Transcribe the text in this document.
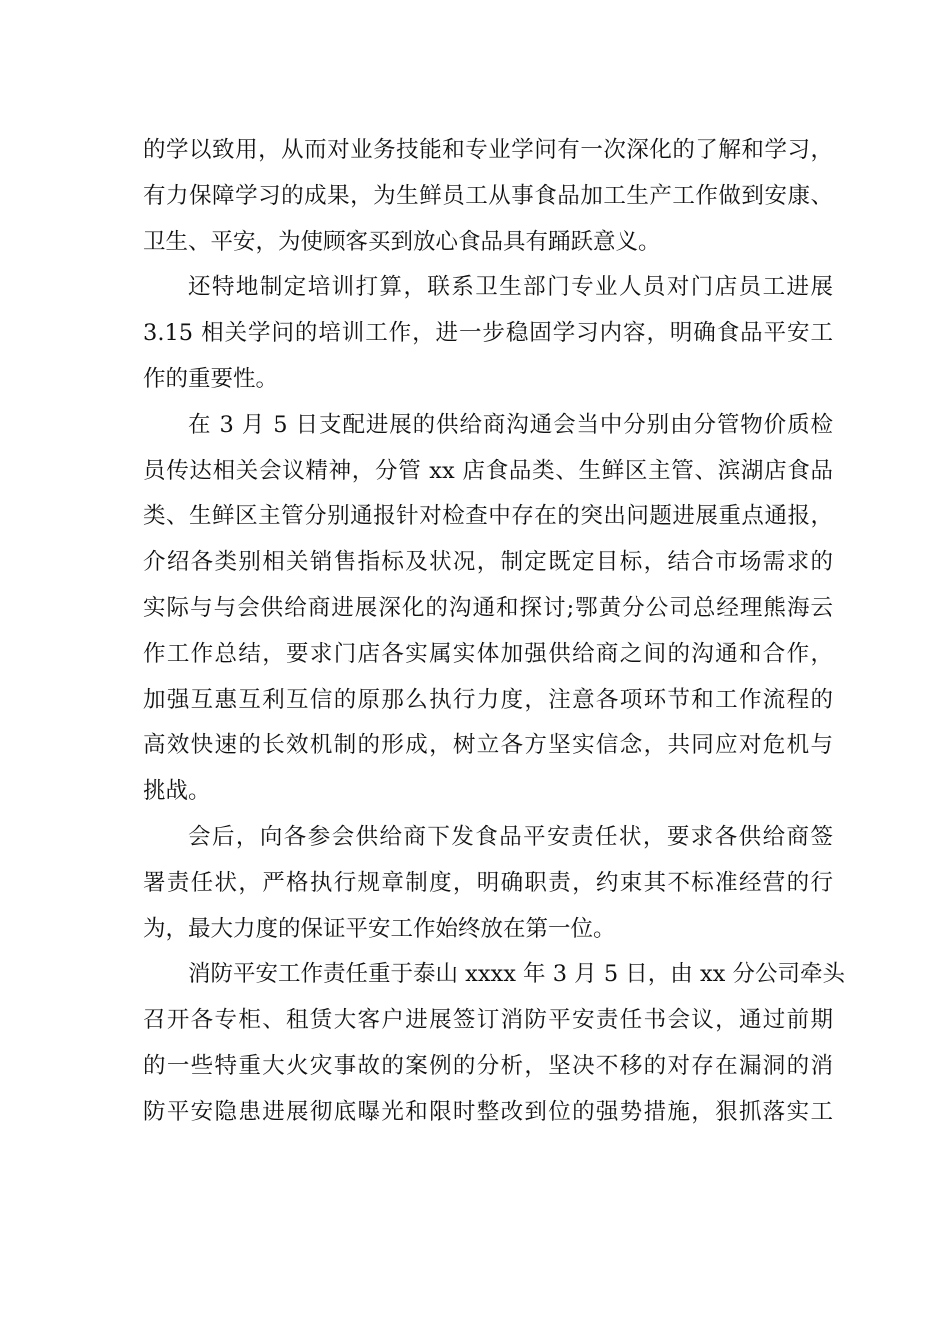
的学以致用，从而对业务技能和专业学问有一次深化的了解和学习，
有力保障学习的成果，为生鲜员工从事食品加工生产工作做到安康、
卫生、平安，为使顾客买到放心食品具有踊跃意义。
还特地制定培训打算，联系卫生部门专业人员对门店员工进展
3.15 相关学问的培训工作，进一步稳固学习内容，明确食品平安工
作的重要性。
在 3 月 5 日支配进展的供给商沟通会当中分别由分管物价质检
员传达相关会议精神，分管 xx 店食品类、生鲜区主管、滨湖店食品
类、生鲜区主管分别通报针对检查中存在的突出问题进展重点通报，
介绍各类别相关销售指标及状况，制定既定目标，结合市场需求的
实际与与会供给商进展深化的沟通和探讨;鄂黄分公司总经理熊海云
作工作总结，要求门店各实属实体加强供给商之间的沟通和合作，
加强互惠互利互信的原那么执行力度，注意各项环节和工作流程的
高效快速的长效机制的形成，树立各方坚实信念，共同应对危机与
挑战。
会后，向各参会供给商下发食品平安责任状，要求各供给商签
署责任状，严格执行规章制度，明确职责，约束其不标准经营的行
为，最大力度的保证平安工作始终放在第一位。
消防平安工作责任重于泰山 xxxx 年 3 月 5 日，由 xx 分公司牵头
召开各专柜、租赁大客户进展签订消防平安责任书会议，通过前期
的一些特重大火灾事故的案例的分析，坚决不移的对存在漏洞的消
防平安隐患进展彻底曝光和限时整改到位的强势措施，狠抓落实工
